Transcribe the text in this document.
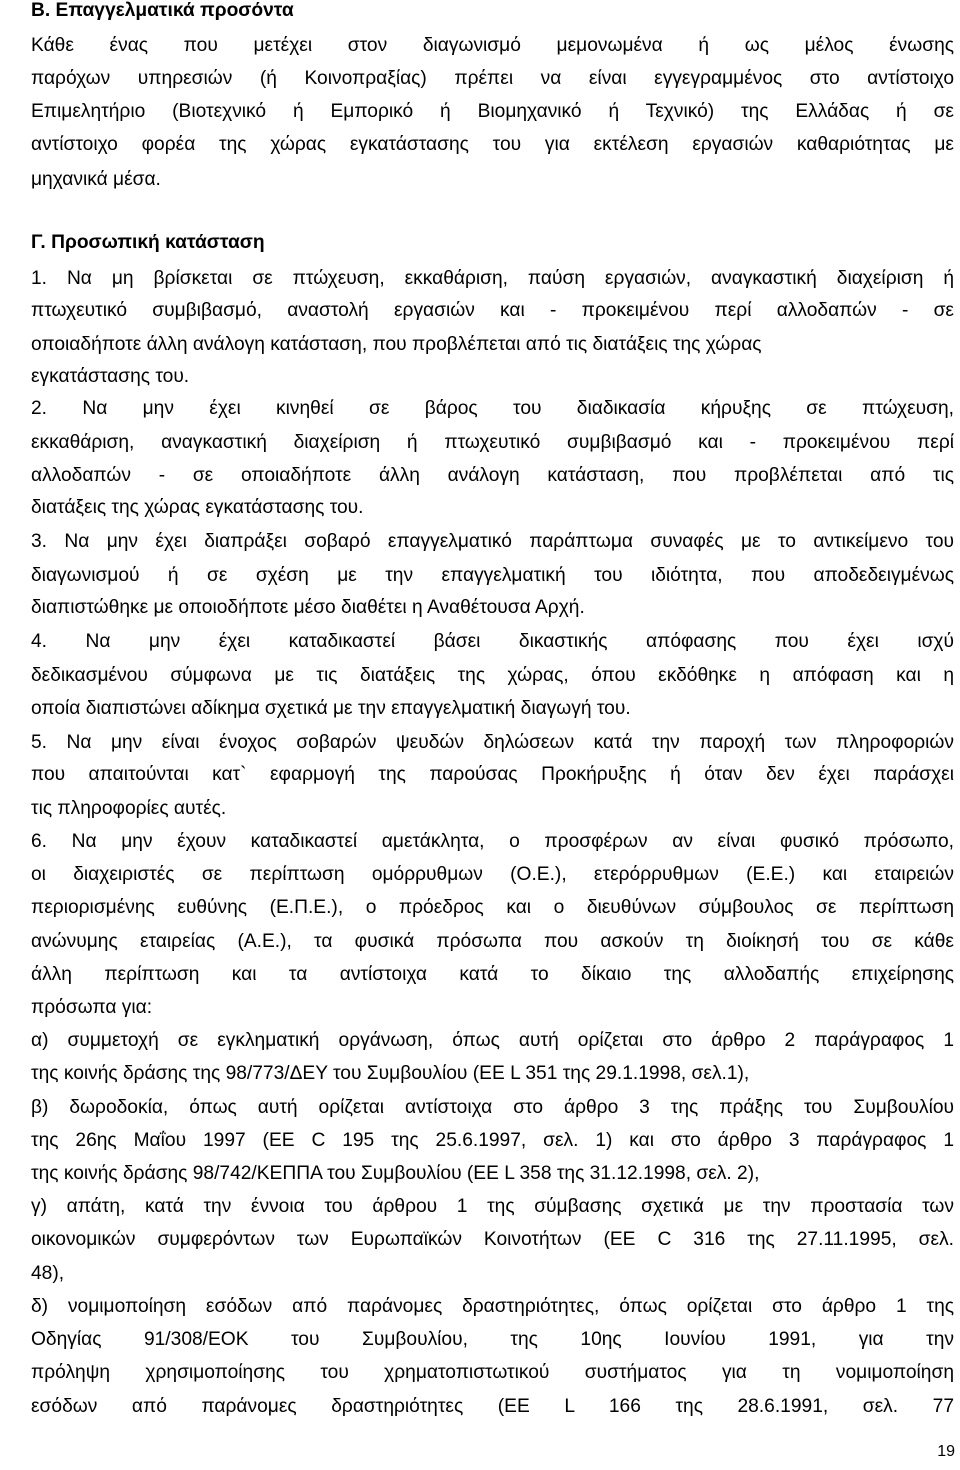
Β. Επαγγελματικά προσόντα
Κάθε ένας που μετέχει στον διαγωνισμό μεμονωμένα ή ως μέλος ένωσης
παρόχων υπηρεσιών (ή Κοινοπραξίας) πρέπει να είναι εγγεγραμμένος στο αντίστοιχο
Επιμελητήριο (Βιοτεχνικό ή Εμπορικό ή Βιομηχανικό ή Τεχνικό) της Ελλάδας ή σε
αντίστοιχο φορέα της χώρας εγκατάστασης του για εκτέλεση εργασιών καθαριότητας με
μηχανικά μέσα.
Γ. Προσωπική κατάσταση
1. Να μη βρίσκεται σε πτώχευση, εκκαθάριση, παύση εργασιών, αναγκαστική διαχείριση ή
πτωχευτικό συμβιβασμό, αναστολή εργασιών και - προκειμένου περί αλλοδαπών - σε
οποιαδήποτε άλλη ανάλογη κατάσταση, που προβλέπεται από τις διατάξεις της χώρας
εγκατάστασης του.
2. Να μην έχει κινηθεί σε βάρος του διαδικασία κήρυξης σε πτώχευση,
εκκαθάριση, αναγκαστική διαχείριση ή πτωχευτικό συμβιβασμό και - προκειμένου περί
αλλοδαπών - σε οποιαδήποτε άλλη ανάλογη κατάσταση, που προβλέπεται από τις
διατάξεις της χώρας εγκατάστασης του.
3. Να μην έχει διαπράξει σοβαρό επαγγελματικό παράπτωμα συναφές με το αντικείμενο του
διαγωνισμού ή σε σχέση με την επαγγελματική του ιδιότητα, που αποδεδειγμένως
διαπιστώθηκε με οποιοδήποτε μέσο διαθέτει η Αναθέτουσα Αρχή.
4. Να μην έχει καταδικαστεί βάσει δικαστικής απόφασης που έχει ισχύ
δεδικασμένου σύμφωνα με τις διατάξεις της χώρας, όπου εκδόθηκε η απόφαση και η
οποία διαπιστώνει αδίκημα σχετικά με την επαγγελματική διαγωγή του.
5. Να μην είναι ένοχος σοβαρών ψευδών δηλώσεων κατά την παροχή των πληροφοριών
που απαιτούνται κατ` εφαρμογή της παρούσας Προκήρυξης ή όταν δεν έχει παράσχει
τις πληροφορίες αυτές.
6. Να μην έχουν καταδικαστεί αμετάκλητα, ο προσφέρων αν είναι φυσικό πρόσωπο,
οι διαχειριστές σε περίπτωση ομόρρυθμων (Ο.Ε.), ετερόρρυθμων (Ε.Ε.) και εταιρειών
περιορισμένης ευθύνης (Ε.Π.Ε.), ο πρόεδρος και ο διευθύνων σύμβουλος σε περίπτωση
ανώνυμης εταιρείας (Α.Ε.), τα φυσικά πρόσωπα που ασκούν τη διοίκησή του σε κάθε
άλλη περίπτωση και τα αντίστοιχα κατά το δίκαιο της αλλοδαπής επιχείρησης
πρόσωπα για:
α) συμμετοχή σε εγκληματική οργάνωση, όπως αυτή ορίζεται στο άρθρο 2 παράγραφος 1
της κοινής δράσης της 98/773/ΔΕΥ του Συμβουλίου (ΕΕ L 351 της 29.1.1998, σελ.1),
β) δωροδοκία, όπως αυτή ορίζεται αντίστοιχα στο άρθρο 3 της πράξης του Συμβουλίου
της 26ης Μαΐου 1997 (ΕΕ C 195 της 25.6.1997, σελ. 1) και στο άρθρο 3 παράγραφος 1
της κοινής δράσης 98/742/ΚΕΠΠΑ του Συμβουλίου (ΕΕ L 358 της 31.12.1998, σελ. 2),
γ) απάτη, κατά την έννοια του άρθρου 1 της σύμβασης σχετικά με την προστασία των
οικονομικών συμφερόντων των Ευρωπαϊκών Κοινοτήτων (ΕΕ C 316 της 27.11.1995, σελ.
48),
δ) νομιμοποίηση εσόδων από παράνομες δραστηριότητες, όπως ορίζεται στο άρθρο 1 της
Οδηγίας 91/308/ΕΟΚ του Συμβουλίου, της 10ης Ιουνίου 1991, για την
πρόληψη χρησιμοποίησης του χρηματοπιστωτικού συστήματος για τη νομιμοποίηση
εσόδων από παράνομες δραστηριότητες (ΕΕ L 166 της 28.6.1991, σελ. 77
19
